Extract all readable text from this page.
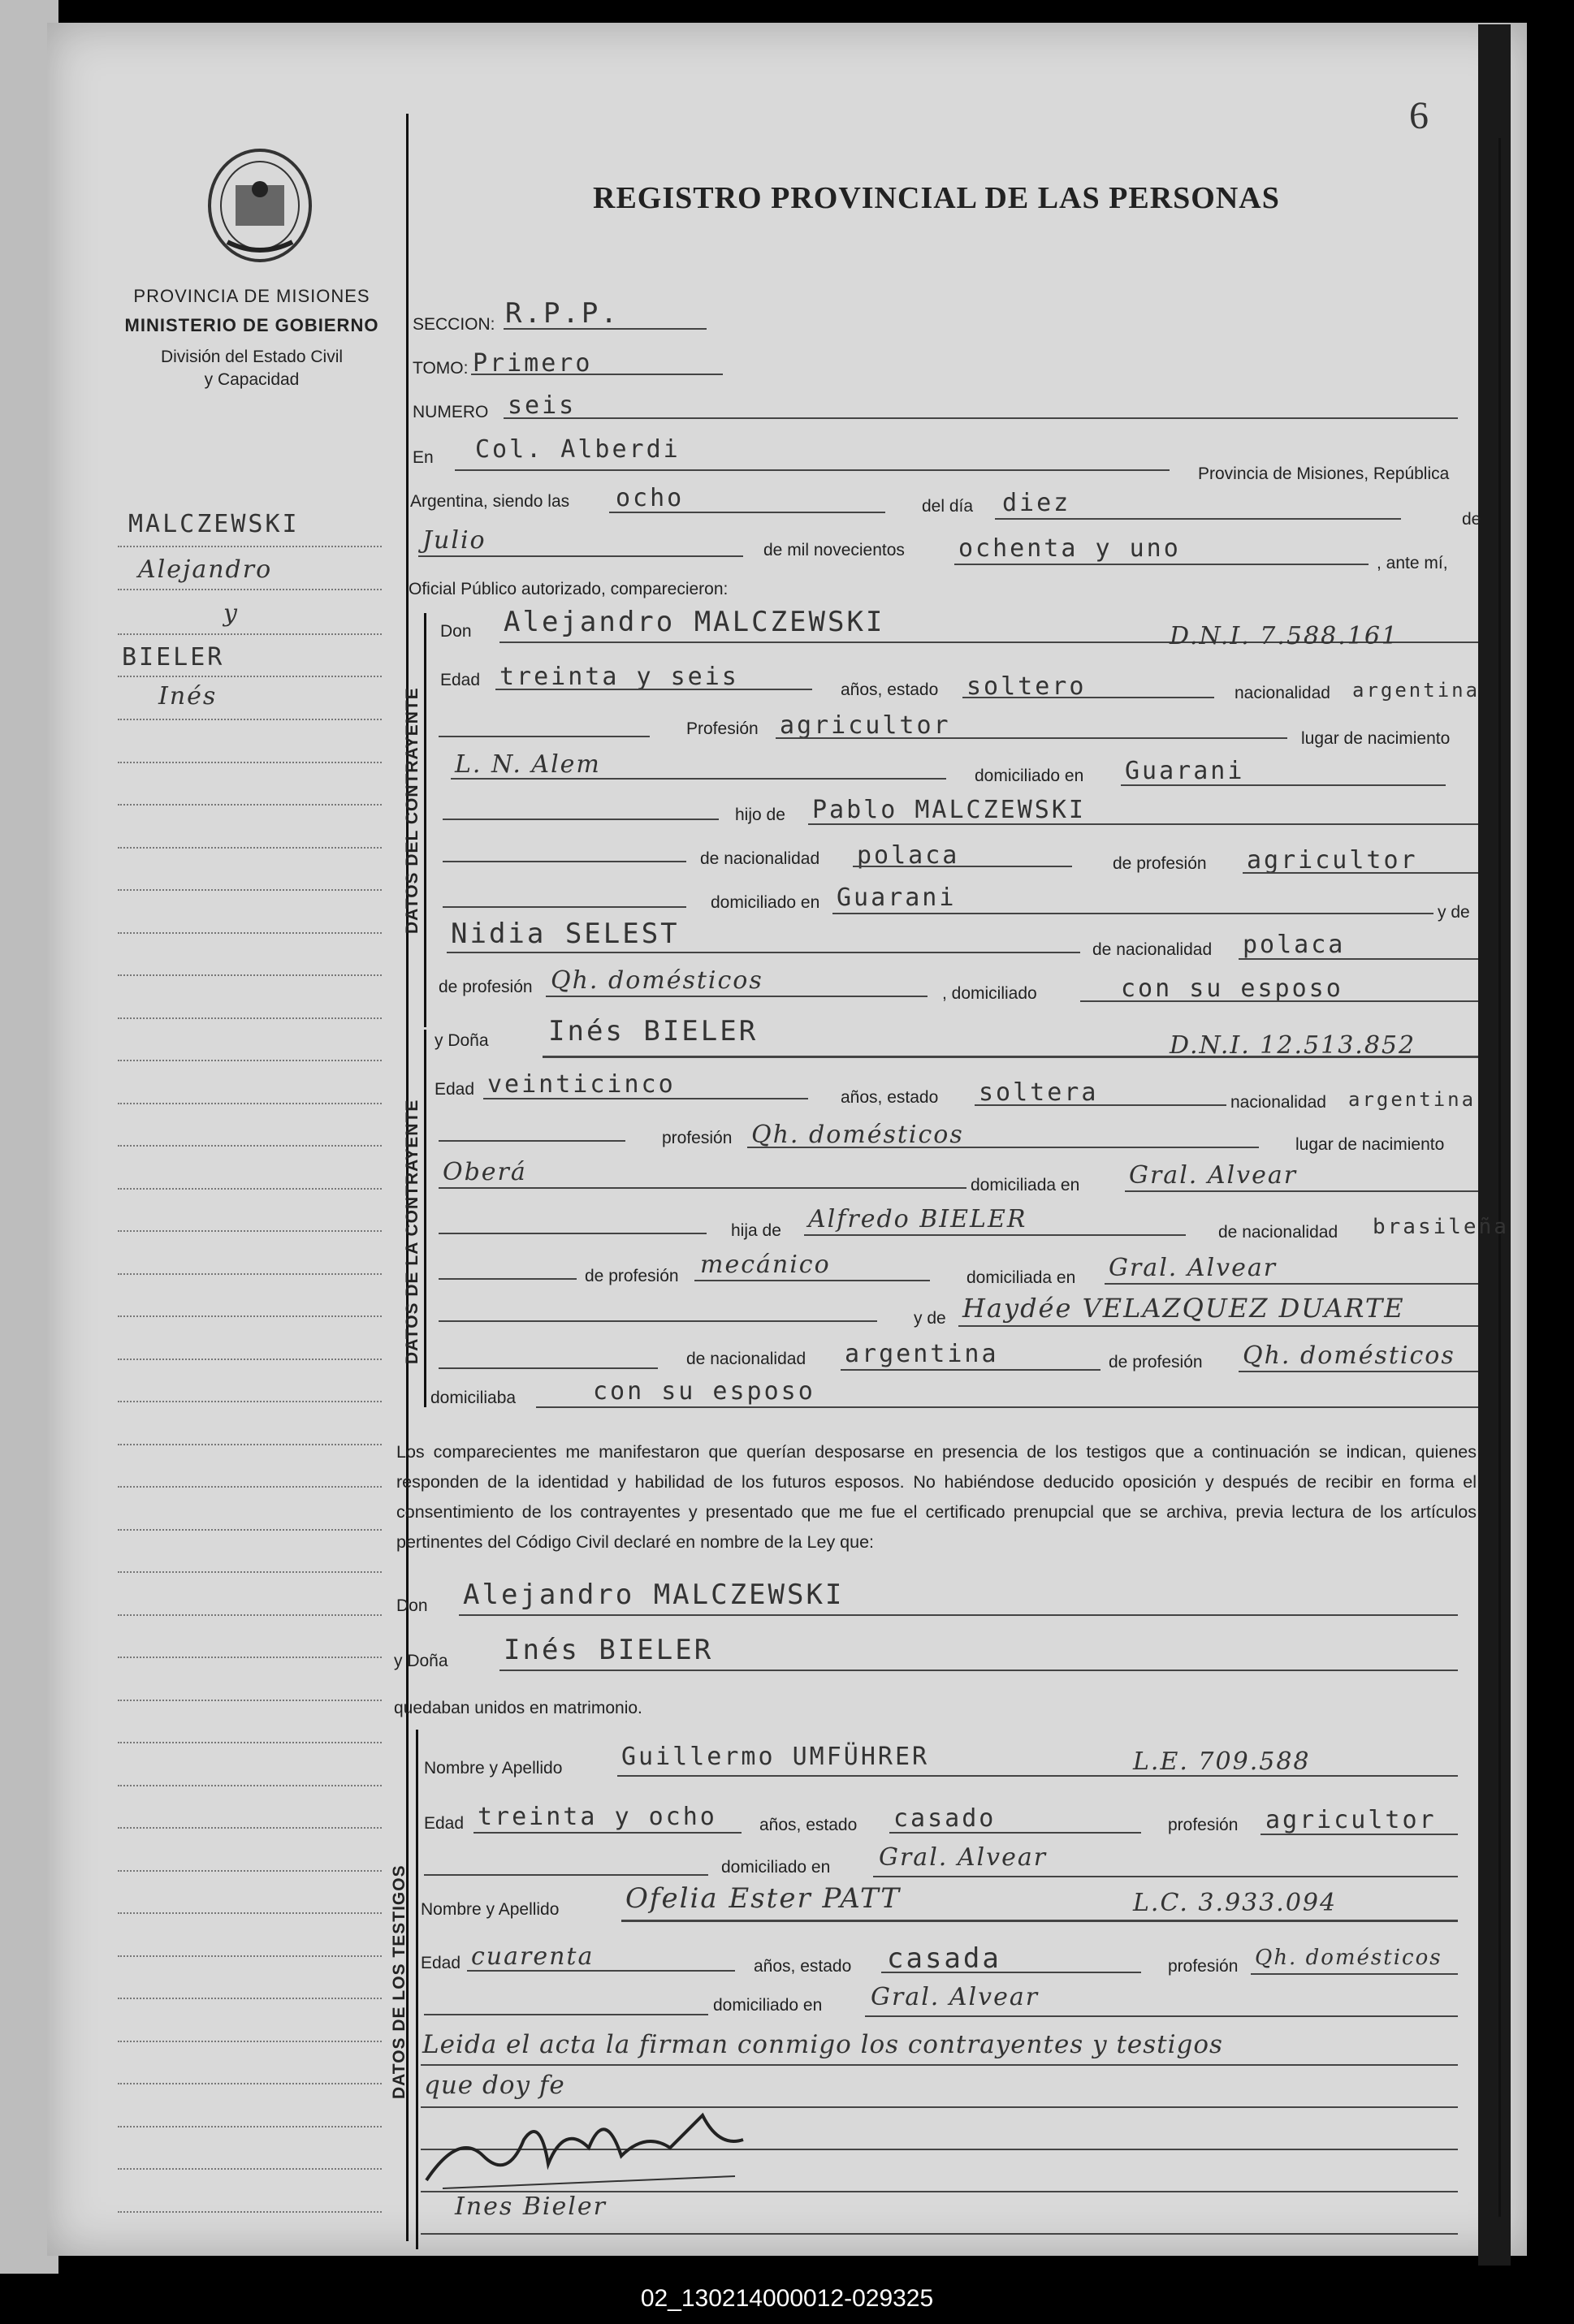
6
PROVINCIA DE MISIONES
MINISTERIO DE GOBIERNO
División del Estado Civil
y Capacidad
REGISTRO PROVINCIAL DE LAS PERSONAS
MALCZEWSKI
Alejandro
y
BIELER
Inés
SECCION: R.P.P.
TOMO: Primero
NUMERO seis
En Col. Alberdi
Provincia de Misiones, República
Argentina, siendo las ocho	del día diez
de
Julio	de mil novecientos ochenta y uno
, ante mí,
Oficial Público autorizado, comparecieron:
DATOS DEL CONTRAYENTE
Don Alejandro MALCZEWSKI	D.N.I. 7.588.161
Edad treinta y seis	años, estado soltero	nacionalidad argentina
Profesión agricultor	lugar de nacimiento
L. N. Alem	domiciliado en Guarani
hijo de Pablo MALCZEWSKI
de nacionalidad polaca	de profesión agricultor
domiciliado en Guarani
y de
Nidia SELEST	de nacionalidad polaca
de profesión Qh. domésticos	, domiciliado	con su esposo
DATOS DE LA CONTRAYENTE
y Doña Inés BIELER	D.N.I. 12.513.852
Edad veinticinco	años, estado soltera	nacionalidad argentina
profesión Qh. domésticos	lugar de nacimiento
Oberá	domiciliada en Gral. Alvear
hija de Alfredo BIELER	de nacionalidad brasileña
de profesión mecánico	domiciliada en Gral. Alvear
y de Haydée VELAZQUEZ DUARTE
de nacionalidad argentina	de profesión Qh. domésticos
domiciliaba	con su esposo
Los comparecientes me manifestaron que querían desposarse en presencia de los testigos que a continuación se indican, quienes responden de la identidad y habilidad de los futuros esposos. No habiéndose deducido oposición y después de recibir en forma el consentimiento de los contrayentes y presentado que me fue el certificado prenupcial que se archiva, previa lectura de los artículos pertinentes del Código Civil declaré en nombre de la Ley que:
Don Alejandro MALCZEWSKI
y Doña Inés BIELER
quedaban unidos en matrimonio.
DATOS DE LOS TESTIGOS
Nombre y Apellido Guillermo UMFÜHRER	L.E. 709.588
Edad treinta y ocho años, estado casado	profesión agricultor
domiciliado en Gral. Alvear
Nombre y Apellido Ofelia Ester PATT	L.C. 3.933.094
Edad cuarenta	años, estado casada	profesión Qh. domésticos
domiciliado en Gral. Alvear
Leida el acta la firman conmigo los contrayentes y testigos
que doy fe
Ines Bieler
02_130214000012-029325
